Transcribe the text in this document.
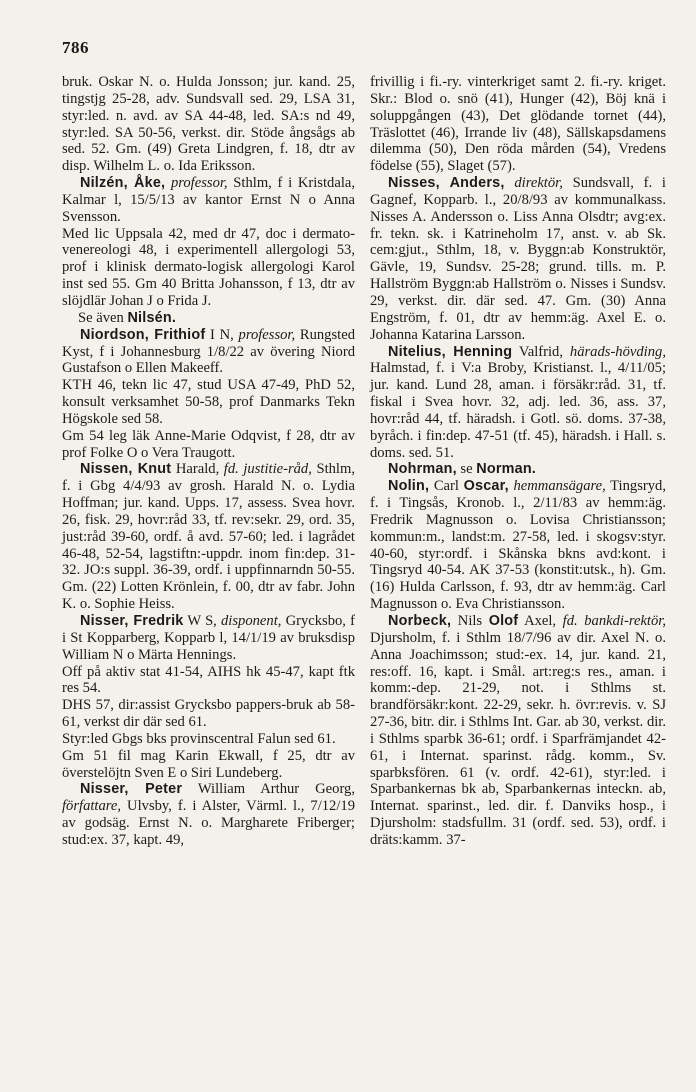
786

bruk. Oskar N. o. Hulda Jonsson; jur. kand. 25, tingstjg 25-28, adv. Sundsvall sed. 29, LSA 31, styr:led. n. avd. av SA 44-48, led. SA:s nd 49, styr:led. SA 50-56, verkst. dir. Stöde ångsågs ab sed. 52. Gm. (49) Greta Lindgren, f. 18, dtr av disp. Wilhelm L. o. Ida Eriksson.

Nilzén, Åke, professor, Sthlm, f i Kristdala, Kalmar l, 15/5/13 av kantor Ernst N o Anna Svensson.

Med lic Uppsala 42, med dr 47, doc i dermato-venereologi 48, i experimentell allergologi 53, prof i klinisk dermato-logisk allergologi Karol inst sed 55. Gm 40 Britta Johansson, f 13, dtr av slöjdlär Johan J o Frida J.

Se även Nilsén.

Niordson, Frithiof I N, professor, Rungsted Kyst, f i Johannesburg 1/8/22 av övering Niord Gustafson o Ellen Makeeff.

KTH 46, tekn lic 47, stud USA 47-49, PhD 52, konsult verksamhet 50-58, prof Danmarks Tekn Högskole sed 58.

Gm 54 leg läk Anne-Marie Odqvist, f 28, dtr av prof Folke O o Vera Traugott.

Nissen, Knut Harald, fd. justitie-råd, Sthlm, f. i Gbg 4/4/93 av grosh. Harald N. o. Lydia Hoffman; jur. kand. Upps. 17, assess. Svea hovr. 26, fisk. 29, hovr:råd 33, tf. rev:sekr. 29, ord. 35, just:råd 39-60, ordf. å avd. 57-60; led. i lagrådet 46-48, 52-54, lagstiftn:-uppdr. inom fin:dep. 31-32. JO:s suppl. 36-39, ordf. i uppfinnarndn 50-55. Gm. (22) Lotten Krönlein, f. 00, dtr av fabr. John K. o. Sophie Heiss.

Nisser, Fredrik W S, disponent, Grycksbo, f i St Kopparberg, Kopparb l, 14/1/19 av bruksdisp William N o Märta Hennings.

Off på aktiv stat 41-54, AIHS hk 45-47, kapt ftk res 54.

DHS 57, dir:assist Grycksbo pappers-bruk ab 58-61, verkst dir där sed 61.

Styr:led Gbgs bks provinscentral Falun sed 61.

Gm 51 fil mag Karin Ekwall, f 25, dtr av överstelöjtn Sven E o Siri Lundeberg.

Nisser, Peter William Arthur Georg, författare, Ulvsby, f. i Alster, Värml. l., 7/12/19 av godsäg. Ernst N. o. Margharete Friberger; stud:ex. 37, kapt. 49,

frivillig i fi.-ry. vinterkriget samt 2. fi.-ry. kriget. Skr.: Blod o. snö (41), Hunger (42), Böj knä i soluppgången (43), Det glödande tornet (44), Träslottet (46), Irrande liv (48), Sällskapsdamens dilemma (50), Den röda mården (54), Vredens födelse (55), Slaget (57).

Nisses, Anders, direktör, Sundsvall, f. i Gagnef, Kopparb. l., 20/8/93 av kommunalkass. Nisses A. Andersson o. Liss Anna Olsdtr; avg:ex. fr. tekn. sk. i Katrineholm 17, anst. v. ab Sk. cem:gjut., Sthlm, 18, v. Byggn:ab Konstruktör, Gävle, 19, Sundsv. 25-28; grund. tills. m. P. Hallström Byggn:ab Hallström o. Nisses i Sundsv. 29, verkst. dir. där sed. 47. Gm. (30) Anna Engström, f. 01, dtr av hemm:äg. Axel E. o. Johanna Katarina Larsson.

Nitelius, Henning Valfrid, härads-hövding, Halmstad, f. i V:a Broby, Kristianst. l., 4/11/05; jur. kand. Lund 28, aman. i försäkr:råd. 31, tf. fiskal i Svea hovr. 32, adj. led. 36, ass. 37, hovr:råd 44, tf. häradsh. i Gotl. sö. doms. 37-38, byråch. i fin:dep. 47-51 (tf. 45), häradsh. i Hall. s. doms. sed. 51.

Nohrman, se Norman.

Nolin, Carl Oscar, hemmansägare, Tingsryd, f. i Tingsås, Kronob. l., 2/11/83 av hemm:äg. Fredrik Magnusson o. Lovisa Christiansson; kommun:m., landst:m. 27-58, led. i skogsv:styr. 40-60, styr:ordf. i Skånska bkns avd:kont. i Tingsryd 40-54. AK 37-53 (konstit:utsk., h). Gm. (16) Hulda Carlsson, f. 93, dtr av hemm:äg. Carl Magnusson o. Eva Christiansson.

Norbeck, Nils Olof Axel, fd. bankdi-rektör, Djursholm, f. i Sthlm 18/7/96 av dir. Axel N. o. Anna Joachimsson; stud:-ex. 14, jur. kand. 21, res:off. 16, kapt. i Smål. art:reg:s res., aman. i komm:-dep. 21-29, not. i Sthlms st. brandförsäkr:kont. 22-29, sekr. h. övr:revis. v. SJ 27-36, bitr. dir. i Sthlms Int. Gar. ab 30, verkst. dir. i Sthlms sparbk 36-61; ordf. i Sparfrämjandet 42-61, i Internat. sparinst. rådg. komm., Sv. sparbksfören. 61 (v. ordf. 42-61), styr:led. i Sparbankernas bk ab, Sparbankernas inteckn. ab, Internat. sparinst., led. dir. f. Danviks hosp., i Djursholm: stadsfullm. 31 (ordf. sed. 53), ordf. i dräts:kamm. 37-
